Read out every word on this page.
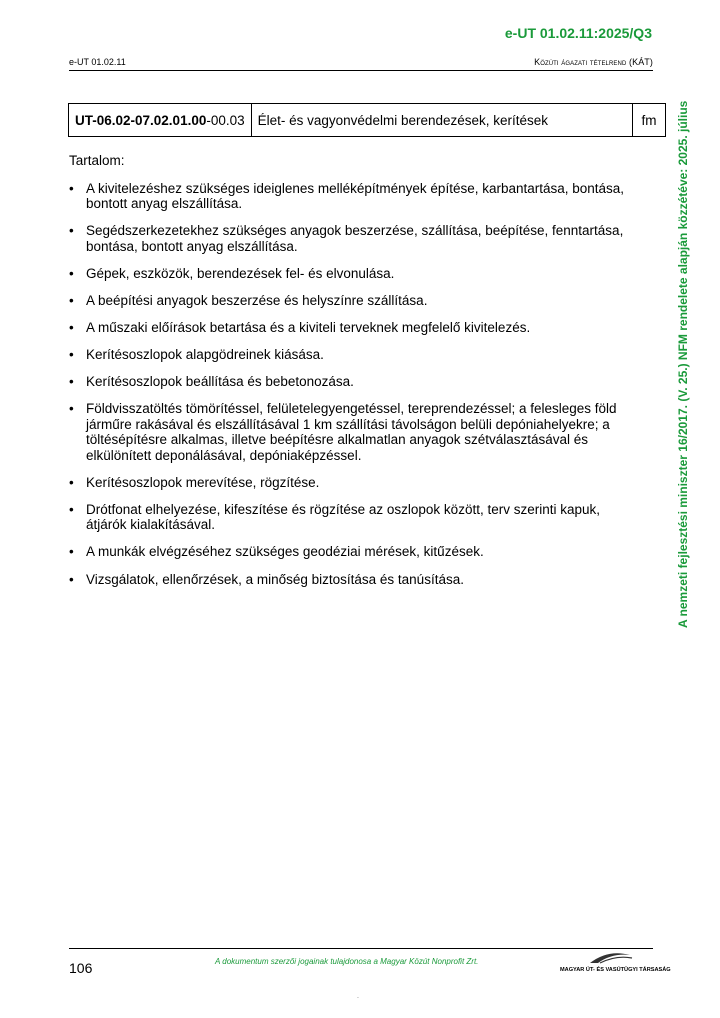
e-UT 01.02.11:2025/Q3
e-UT 01.02.11	Közúti ágazati tételrend (KÁT)
A nemzeti fejlesztési miniszter 16/2017. (V. 25.) NFM rendelete alapján közzétéve: 2025. július
UT-06.02-07.02.01.00-00.03	Élet- és vagyonvédelmi berendezések, kerítések	fm
Tartalom:
• A kivitelezéshez szükséges ideiglenes melléképítmények építése, karbantartása, bontása, bontott anyag elszállítása.
• Segédszerkezetekhez szükséges anyagok beszerzése, szállítása, beépítése, fenntartása, bontása, bontott anyag elszállítása.
• Gépek, eszközök, berendezések fel- és elvonulása.
• A beépítési anyagok beszerzése és helyszínre szállítása.
• A műszaki előírások betartása és a kiviteli terveknek megfelelő kivitelezés.
• Kerítésoszlopok alapgödreinek kiásása.
• Kerítésoszlopok beállítása és bebetonozása.
• Földvisszatöltés tömörítéssel, felületelegyengetéssel, tereprendezéssel; a felesleges föld járműre rakásával és elszállításával 1 km szállítási távolságon belüli depóniahelyekre; a töltésépítésre alkalmas, illetve beépítésre alkalmatlan anyagok szétválasztásával és elkülönített deponálásával, depóniaképzéssel.
• Kerítésoszlopok merevítése, rögzítése.
• Drótfonat elhelyezése, kifeszítése és rögzítése az oszlopok között, terv szerinti kapuk, átjárók kialakításával.
• A munkák elvégzéséhez szükséges geodéziai mérések, kitűzések.
• Vizsgálatok, ellenőrzések, a minőség biztosítása és tanúsítása.
106	A dokumentum szerzői jogainak tulajdonosa a Magyar Közút Nonprofit Zrt.
MAGYAR ÚT- ÉS VASÚTÜGYI TÁRSASÁG
.
